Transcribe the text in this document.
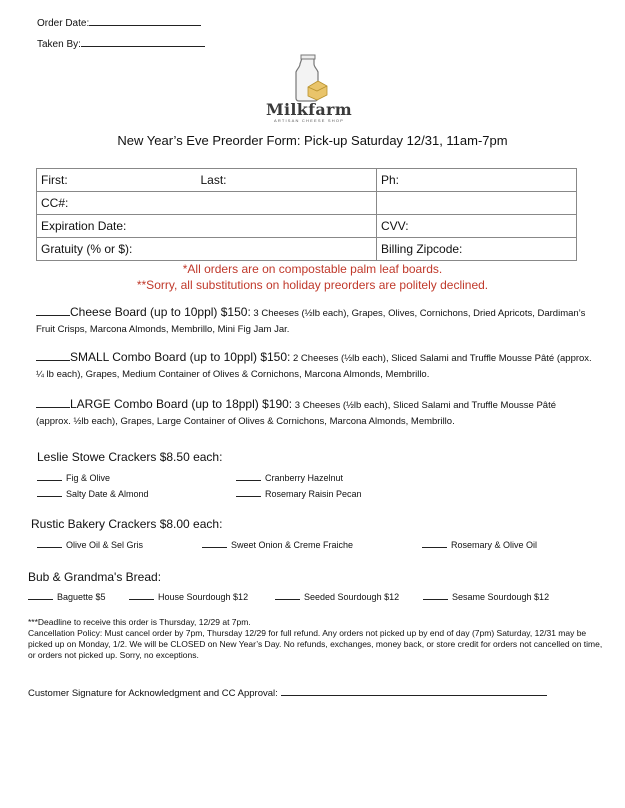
Order Date:
Taken By:
Milkfarm
ARTISAN CHEESE SHOP
New Year’s Eve Preorder Form: Pick-up Saturday 12/31, 11am-7pm
First: Last:	Ph:
CC#:	
Expiration Date:	CVV:
Gratuity (% or $):	Billing Zipcode:
*All orders are on compostable palm leaf boards.
**Sorry, all substitutions on holiday preorders are politely declined.
Cheese Board (up to 10ppl) $150: 3 Cheeses (½lb each), Grapes, Olives, Cornichons, Dried Apricots, Dardiman’s Fruit Crisps, Marcona Almonds, Membrillo, Mini Fig Jam Jar.
SMALL Combo Board (up to 10ppl) $150: 2 Cheeses (½lb each), Sliced Salami and Truffle Mousse Pâté (approx. ¼ lb each), Grapes, Medium Container of Olives & Cornichons, Marcona Almonds, Membrillo.
LARGE Combo Board (up to 18ppl) $190: 3 Cheeses (½lb each), Sliced Salami and Truffle Mousse Pâté (approx. ½lb each), Grapes, Large Container of Olives & Cornichons, Marcona Almonds, Membrillo.
Leslie Stowe Crackers $8.50 each:
Fig & Olive	Cranberry Hazelnut
Salty Date & Almond	Rosemary Raisin Pecan
Rustic Bakery Crackers $8.00 each:
Olive Oil & Sel Gris	Sweet Onion & Creme Fraiche	Rosemary & Olive Oil
Bub & Grandma's Bread:
Baguette $5	House Sourdough $12	Seeded Sourdough $12	Sesame Sourdough $12
***Deadline to receive this order is Thursday, 12/29 at 7pm.
Cancellation Policy: Must cancel order by 7pm, Thursday 12/29 for full refund. Any orders not picked up by end of day (7pm) Saturday, 12/31 may be picked up on Monday, 1/2. We will be CLOSED on New Year’s Day. No refunds, exchanges, money back, or store credit for orders not cancelled on time, or orders not picked up. Sorry, no exceptions.
Customer Signature for Acknowledgment and CC Approval:
